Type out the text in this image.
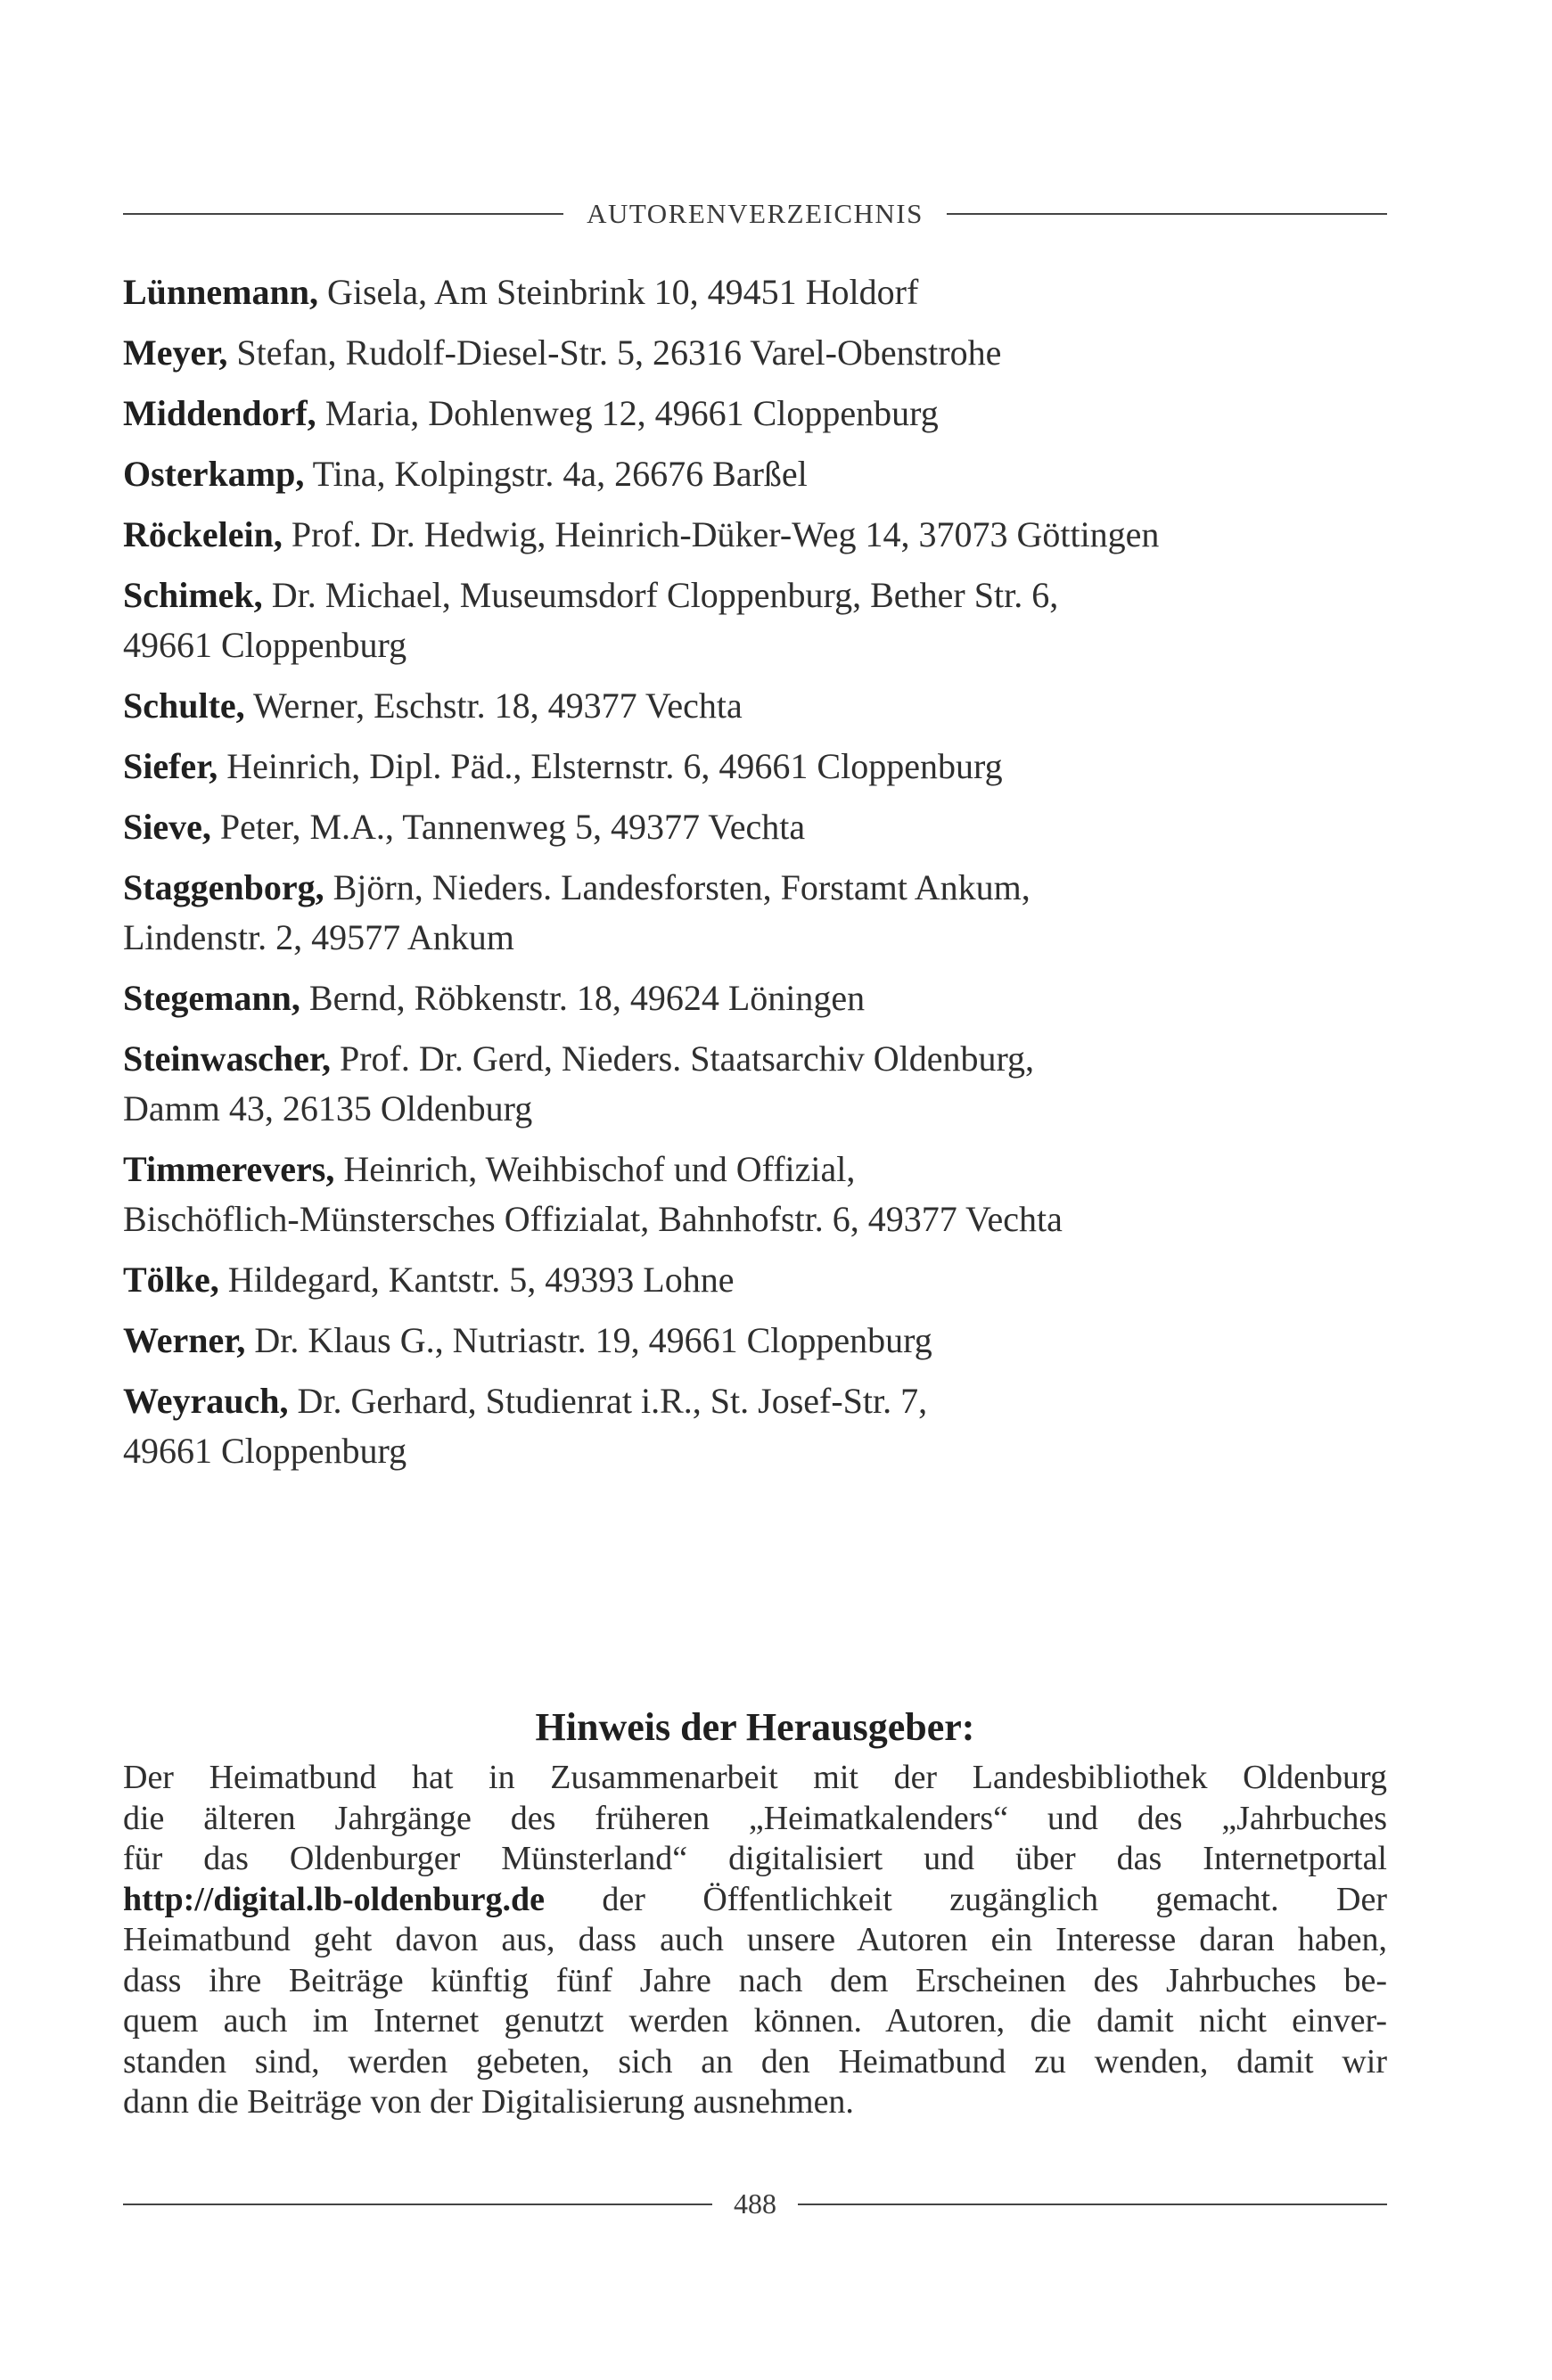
AUTORENVERZEICHNIS
Lünnemann, Gisela, Am Steinbrink 10, 49451 Holdorf
Meyer, Stefan, Rudolf-Diesel-Str. 5, 26316 Varel-Obenstrohe
Middendorf, Maria, Dohlenweg 12, 49661 Cloppenburg
Osterkamp, Tina, Kolpingstr. 4a, 26676 Barßel
Röckelein, Prof. Dr. Hedwig, Heinrich-Düker-Weg 14, 37073 Göttingen
Schimek, Dr. Michael, Museumsdorf Cloppenburg, Bether Str. 6,
49661 Cloppenburg
Schulte, Werner, Eschstr. 18, 49377 Vechta
Siefer, Heinrich, Dipl. Päd., Elsternstr. 6, 49661 Cloppenburg
Sieve, Peter, M.A., Tannenweg 5, 49377 Vechta
Staggenborg, Björn, Nieders. Landesforsten, Forstamt Ankum,
Lindenstr. 2, 49577 Ankum
Stegemann, Bernd, Röbkenstr. 18, 49624 Löningen
Steinwascher, Prof. Dr. Gerd, Nieders. Staatsarchiv Oldenburg,
Damm 43, 26135 Oldenburg
Timmerevers, Heinrich, Weihbischof und Offizial,
Bischöflich-Münstersches Offizialat, Bahnhofstr. 6, 49377 Vechta
Tölke, Hildegard, Kantstr. 5, 49393 Lohne
Werner, Dr. Klaus G., Nutriastr. 19, 49661 Cloppenburg
Weyrauch, Dr. Gerhard, Studienrat i.R., St. Josef-Str. 7,
49661 Cloppenburg
Hinweis der Herausgeber:
Der Heimatbund hat in Zusammenarbeit mit der Landesbibliothek Oldenburg
die älteren Jahrgänge des früheren „Heimatkalenders“ und des „Jahrbuches
für das Oldenburger Münsterland“ digitalisiert und über das Internetportal
http://digital.lb-oldenburg.de der Öffentlichkeit zugänglich gemacht. Der
Heimatbund geht davon aus, dass auch unsere Autoren ein Interesse daran haben,
dass ihre Beiträge künftig fünf Jahre nach dem Erscheinen des Jahrbuches be-
quem auch im Internet genutzt werden können. Autoren, die damit nicht einver-
standen sind, werden gebeten, sich an den Heimatbund zu wenden, damit wir
dann die Beiträge von der Digitalisierung ausnehmen.
488
